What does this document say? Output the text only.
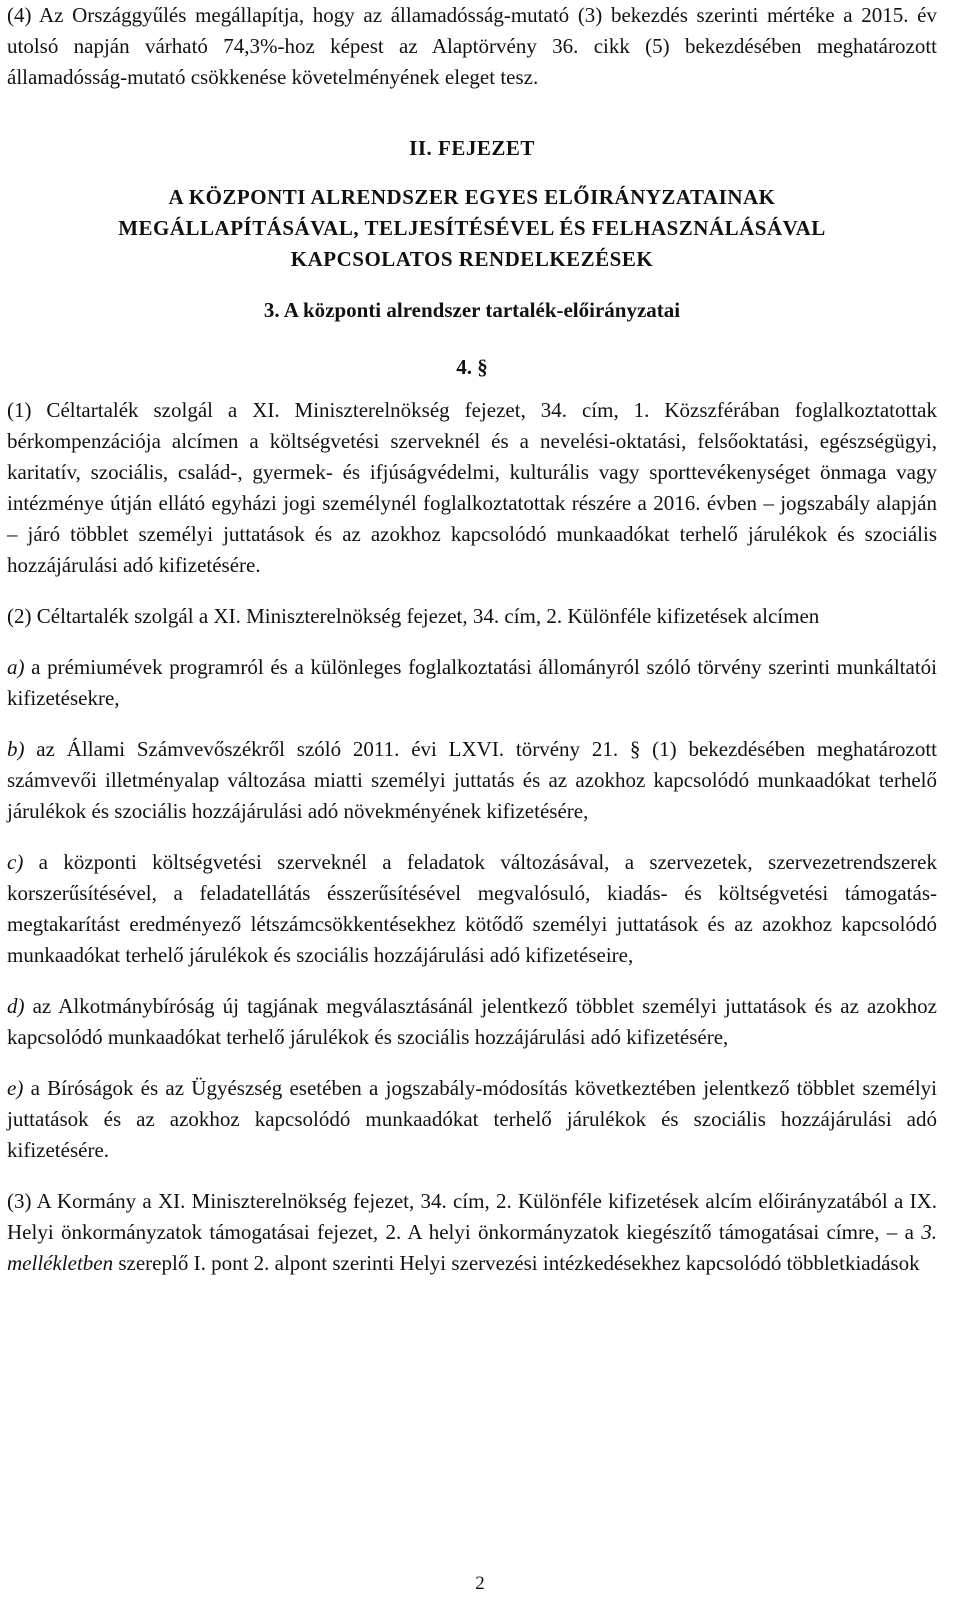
(4) Az Országgyűlés megállapítja, hogy az államadósság-mutató (3) bekezdés szerinti mértéke a 2015. év utolsó napján várható 74,3%-hoz képest az Alaptörvény 36. cikk (5) bekezdésében meghatározott államadósság-mutató csökkenése követelményének eleget tesz.

II. FEJEZET
A KÖZPONTI ALRENDSZER EGYES ELŐIRÁNYZATAINAK
MEGÁLLAPÍTÁSÁVAL, TELJESÍTÉSÉVEL ÉS FELHASZNÁLÁSÁVAL
KAPCSOLATOS RENDELKEZÉSEK
3. A központi alrendszer tartalék-előirányzatai
4. §

(1) Céltartalék szolgál a XI. Miniszterelnökség fejezet, 34. cím, 1. Közszférában foglalkoztatottak bérkompenzációja alcímen a költségvetési szerveknél és a nevelési-oktatási, felsőoktatási, egészségügyi, karitatív, szociális, család-, gyermek- és ifjúságvédelmi, kulturális vagy sporttevékenységet önmaga vagy intézménye útján ellátó egyházi jogi személynél foglalkoztatottak részére a 2016. évben – jogszabály alapján – járó többlet személyi juttatások és az azokhoz kapcsolódó munkaadókat terhelő járulékok és szociális hozzájárulási adó kifizetésére.

(2) Céltartalék szolgál a XI. Miniszterelnökség fejezet, 34. cím, 2. Különféle kifizetések alcímen

a) a prémiumévek programról és a különleges foglalkoztatási állományról szóló törvény szerinti munkáltatói kifizetésekre,

b) az Állami Számvevőszékről szóló 2011. évi LXVI. törvény 21. § (1) bekezdésében meghatározott számvevői illetményalap változása miatti személyi juttatás és az azokhoz kapcsolódó munkaadókat terhelő járulékok és szociális hozzájárulási adó növekményének kifizetésére,

c) a központi költségvetési szerveknél a feladatok változásával, a szervezetek, szervezetrendszerek korszerűsítésével, a feladatellátás ésszerűsítésével megvalósuló, kiadás- és költségvetési támogatás-megtakarítást eredményező létszámcsökkentésekhez kötődő személyi juttatások és az azokhoz kapcsolódó munkaadókat terhelő járulékok és szociális hozzájárulási adó kifizetéseire,

d) az Alkotmánybíróság új tagjának megválasztásánál jelentkező többlet személyi juttatások és az azokhoz kapcsolódó munkaadókat terhelő járulékok és szociális hozzájárulási adó kifizetésére,

e) a Bíróságok és az Ügyészség esetében a jogszabály-módosítás következtében jelentkező többlet személyi juttatások és az azokhoz kapcsolódó munkaadókat terhelő járulékok és szociális hozzájárulási adó kifizetésére.

(3) A Kormány a XI. Miniszterelnökség fejezet, 34. cím, 2. Különféle kifizetések alcím előirányzatából a IX. Helyi önkormányzatok támogatásai fejezet, 2. A helyi önkormányzatok kiegészítő támogatásai címre, – a 3. mellékletben szereplő I. pont 2. alpont szerinti Helyi szervezési intézkedésekhez kapcsolódó többletkiadások

2
